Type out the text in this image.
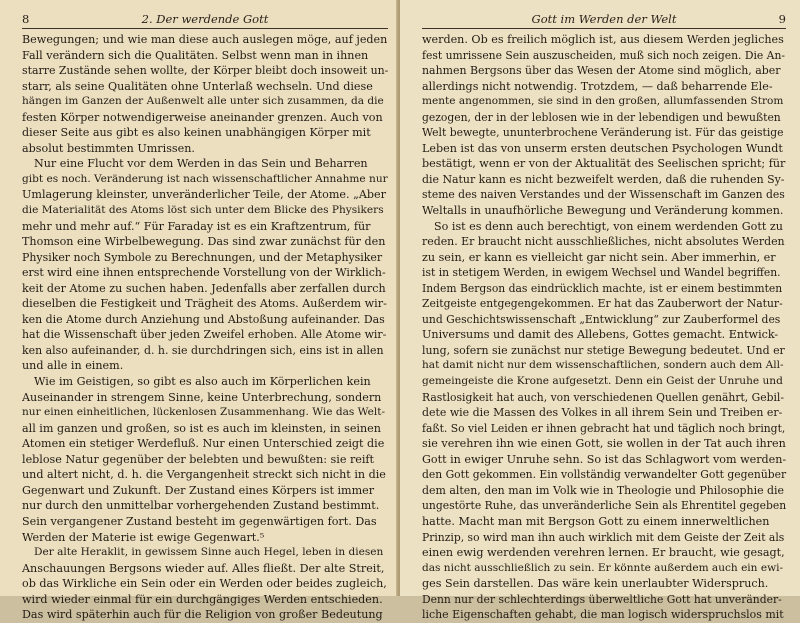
8	2. Der werdende Gott
Bewegungen; und wie man diese auch auslegen möge, auf jeden
Fall verändern sich die Qualitäten. Selbst wenn man in ihnen
starre Zustände sehen wollte, der Körper bleibt doch insoweit un-
starr, als seine Qualitäten ohne Unterlaß wechseln. Und diese
hängen im Ganzen der Außenwelt alle unter sich zusammen, da die
festen Körper notwendigerweise aneinander grenzen. Auch von
dieser Seite aus gibt es also keinen unabhängigen Körper mit
absolut bestimmten Umrissen.
Nur eine Flucht vor dem Werden in das Sein und Beharren
gibt es noch. Veränderung ist nach wissenschaftlicher Annahme nur
Umlagerung kleinster, unveränderlicher Teile, der Atome. „Aber
die Materialität des Atoms löst sich unter dem Blicke des Physikers
mehr und mehr auf.“ Für Faraday ist es ein Kraftzentrum, für
Thomson eine Wirbelbewegung. Das sind zwar zunächst für den
Physiker noch Symbole zu Berechnungen, und der Metaphysiker
erst wird eine ihnen entsprechende Vorstellung von der Wirklich-
keit der Atome zu suchen haben. Jedenfalls aber zerfallen durch
dieselben die Festigkeit und Trägheit des Atoms. Außerdem wir-
ken die Atome durch Anziehung und Abstoßung aufeinander. Das
hat die Wissenschaft über jeden Zweifel erhoben. Alle Atome wir-
ken also aufeinander, d. h. sie durchdringen sich, eins ist in allen
und alle in einem.
Wie im Geistigen, so gibt es also auch im Körperlichen kein
Auseinander in strengem Sinne, keine Unterbrechung, sondern
nur einen einheitlichen, lückenlosen Zusammenhang. Wie das Welt-
all im ganzen und großen, so ist es auch im kleinsten, in seinen
Atomen ein stetiger Werdefluß. Nur einen Unterschied zeigt die
leblose Natur gegenüber der belebten und bewußten: sie reift
und altert nicht, d. h. die Vergangenheit streckt sich nicht in die
Gegenwart und Zukunft. Der Zustand eines Körpers ist immer
nur durch den unmittelbar vorhergehenden Zustand bestimmt.
Sein vergangener Zustand besteht im gegenwärtigen fort. Das
Werden der Materie ist ewige Gegenwart.⁵
Der alte Heraklit, in gewissem Sinne auch Hegel, leben in diesen
Anschauungen Bergsons wieder auf. Alles fließt. Der alte Streit,
ob das Wirkliche ein Sein oder ein Werden oder beides zugleich,
wird wieder einmal für ein durchgängiges Werden entschieden.
Das wird späterhin auch für die Religion von großer Bedeutung
Gott im Werden der Welt	9
werden. Ob es freilich möglich ist, aus diesem Werden jegliches
fest umrissene Sein auszuscheiden, muß sich noch zeigen. Die An-
nahmen Bergsons über das Wesen der Atome sind möglich, aber
allerdings nicht notwendig. Trotzdem, — daß beharrende Ele-
mente angenommen, sie sind in den großen, allumfassenden Strom
gezogen, der in der leblosen wie in der lebendigen und bewußten
Welt bewegte, ununterbrochene Veränderung ist. Für das geistige
Leben ist das von unserm ersten deutschen Psychologen Wundt
bestätigt, wenn er von der Aktualität des Seelischen spricht; für
die Natur kann es nicht bezweifelt werden, daß die ruhenden Sy-
steme des naiven Verstandes und der Wissenschaft im Ganzen des
Weltalls in unaufhörliche Bewegung und Veränderung kommen.
So ist es denn auch berechtigt, von einem werdenden Gott zu
reden. Er braucht nicht ausschließliches, nicht absolutes Werden
zu sein, er kann es vielleicht gar nicht sein. Aber immerhin, er
ist in stetigem Werden, in ewigem Wechsel und Wandel begriffen.
Indem Bergson das eindrücklich machte, ist er einem bestimmten
Zeitgeiste entgegengekommen. Er hat das Zauberwort der Natur-
und Geschichtswissenschaft „Entwicklung“ zur Zauberformel des
Universums und damit des Allebens, Gottes gemacht. Entwick-
lung, sofern sie zunächst nur stetige Bewegung bedeutet. Und er
hat damit nicht nur dem wissenschaftlichen, sondern auch dem All-
gemeingeiste die Krone aufgesetzt. Denn ein Geist der Unruhe und
Rastlosigkeit hat auch, von verschiedenen Quellen genährt, Gebil-
dete wie die Massen des Volkes in all ihrem Sein und Treiben er-
faßt. So viel Leiden er ihnen gebracht hat und täglich noch bringt,
sie verehren ihn wie einen Gott, sie wollen in der Tat auch ihren
Gott in ewiger Unruhe sehn. So ist das Schlagwort vom werden-
den Gott gekommen. Ein vollständig verwandelter Gott gegenüber
dem alten, den man im Volk wie in Theologie und Philosophie die
ungestörte Ruhe, das unveränderliche Sein als Ehrentitel gegeben
hatte. Macht man mit Bergson Gott zu einem innerweltlichen
Prinzip, so wird man ihn auch wirklich mit dem Geiste der Zeit als
einen ewig werdenden verehren lernen. Er braucht, wie gesagt,
das nicht ausschließlich zu sein. Er könnte außerdem auch ein ewi-
ges Sein darstellen. Das wäre kein unerlaubter Widerspruch.
Denn nur der schlechterdings überweltliche Gott hat unveränder-
liche Eigenschaften gehabt, die man logisch widerspruchslos mit
